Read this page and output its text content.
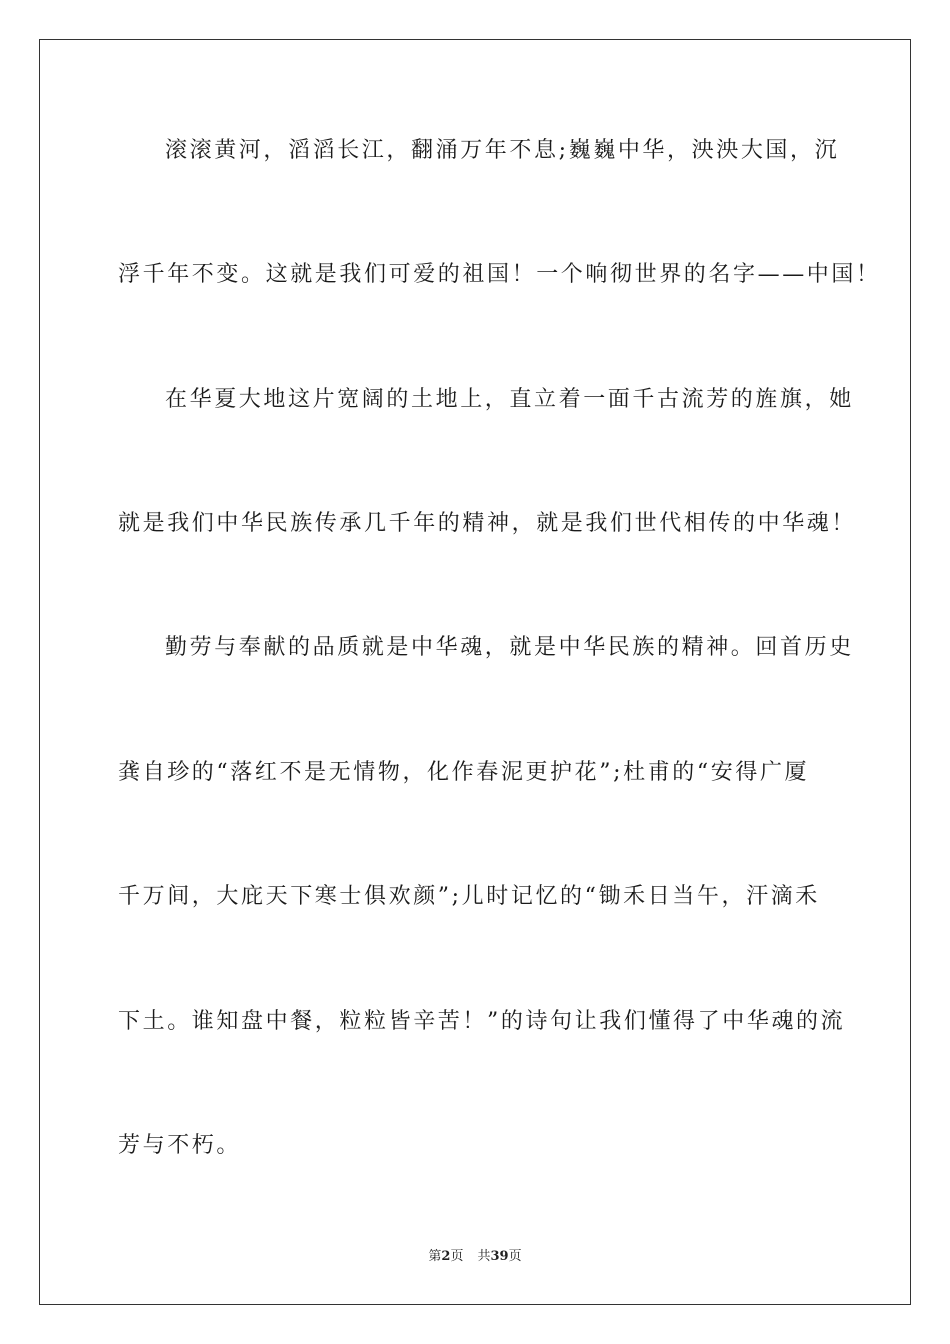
滚滚黄河，滔滔长江，翻涌万年不息;巍巍中华，泱泱大国，沉
浮千年不变。这就是我们可爱的祖国！一个响彻世界的名字——中国！
在华夏大地这片宽阔的土地上，直立着一面千古流芳的旌旗，她
就是我们中华民族传承几千年的精神，就是我们世代相传的中华魂！
勤劳与奉献的品质就是中华魂，就是中华民族的精神。回首历史
龚自珍的“落红不是无情物，化作春泥更护花”;杜甫的“安得广厦
千万间，大庇天下寒士俱欢颜”;儿时记忆的“锄禾日当午，汗滴禾
下土。谁知盘中餐，粒粒皆辛苦！”的诗句让我们懂得了中华魂的流
芳与不朽。
第2页 共39页
